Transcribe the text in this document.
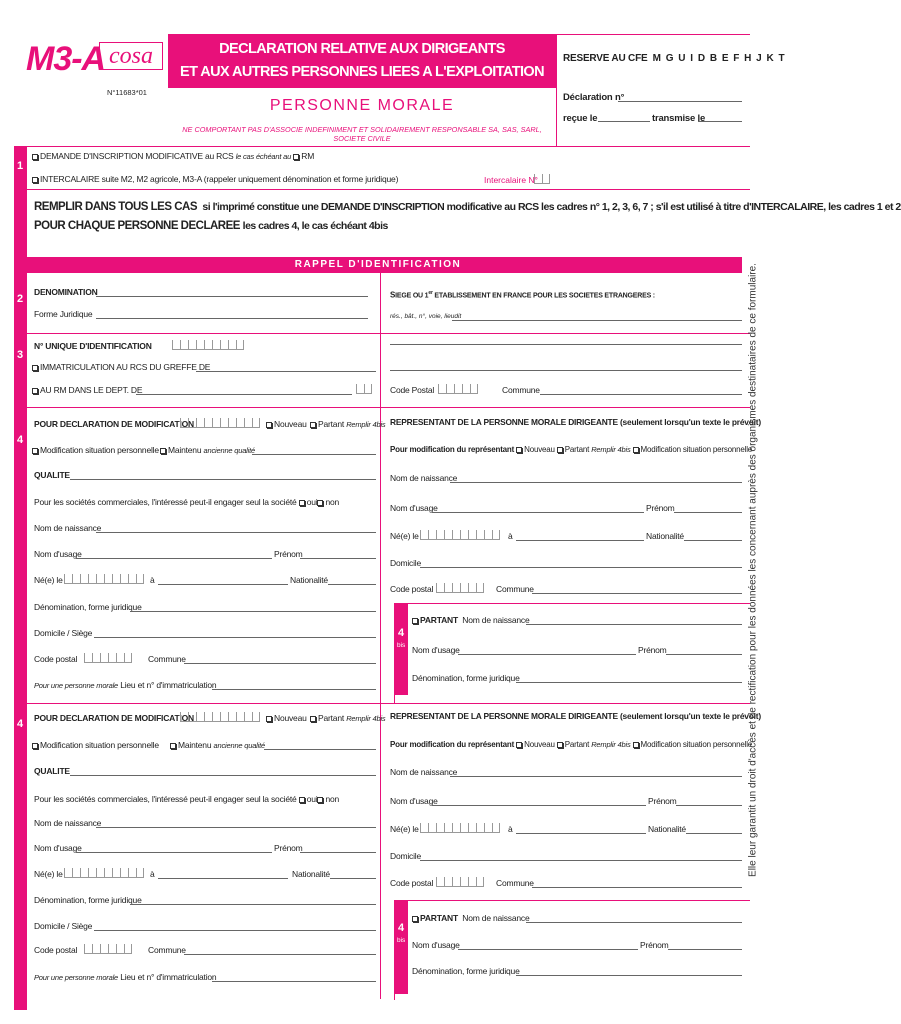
M3-A cosa
N°11683*01
DECLARATION RELATIVE AUX DIRIGEANTS
ET AUX AUTRES PERSONNES LIEES A L'EXPLOITATION
PERSONNE MORALE
NE COMPORTANT PAS D'ASSOCIE INDEFINIMENT ET SOLIDAIREMENT RESPONSABLE SA, SAS, SARL, SOCIETE CIVILE
RESERVE AU CFE M G U I D B E F H J K T
Déclaration n°
reçue le	transmise le
1
DEMANDE D'INSCRIPTION MODIFICATIVE au RCS le cas échéant au RM
INTERCALAIRE suite M2, M2 agricole, M3-A (rappeler uniquement dénomination et forme juridique)	Intercalaire N°
REMPLIR DANS TOUS LES CAS si l'imprimé constitue une DEMANDE D'INSCRIPTION modificative au RCS les cadres n° 1, 2, 3, 6, 7 ; s'il est utilisé à titre d'INTERCALAIRE, les cadres 1 et 2
POUR CHAQUE PERSONNE DECLAREE les cadres 4, le cas échéant 4bis
RAPPEL D'IDENTIFICATION
2
DENOMINATION
Forme Juridique
SIEGE OU 1er ETABLISSEMENT EN FRANCE POUR LES SOCIETES ETRANGERES :
rés., bât., n°, voie, lieudit
3
N° UNIQUE D'IDENTIFICATION
IMMATRICULATION AU RCS DU GREFFE DE
AU RM DANS LE DEPT. DE	Code Postal	Commune
4
POUR DECLARATION DE MODIFICATION	Nouveau	Partant Remplir 4bis
Modification situation personnelle	Maintenu ancienne qualité
QUALITE
Pour les sociétés commerciales, l'intéressé peut-il engager seul la société oui non
Nom de naissance
Nom d'usage	Prénom
Né(e) le	à	Nationalité
Dénomination, forme juridique
Domicile / Siège
Code postal	Commune
Pour une personne morale Lieu et n° d'immatriculation
REPRESENTANT DE LA PERSONNE MORALE DIRIGEANTE (seulement lorsqu'un texte le prévoit)
Pour modification du représentant Nouveau Partant Remplir 4bis Modification situation personnelle
Nom de naissance
Nom d'usage	Prénom
Né(e) le	à	Nationalité
Domicile
Code postal	Commune
4
bis
PARTANT Nom de naissance
Nom d'usage	Prénom
Dénomination, forme juridique
4	POUR DECLARATION DE MODIFICATION	Nouveau	Partant Remplir 4bis
Modification situation personnelle	Maintenu ancienne qualité
QUALITE
Pour les sociétés commerciales, l'intéressé peut-il engager seul la société oui non
Nom de naissance
Nom d'usage	Prénom
Né(e) le	à	Nationalité
Dénomination, forme juridique
Domicile / Siège
Code postal	Commune
Pour une personne morale Lieu et n° d'immatriculation
REPRESENTANT DE LA PERSONNE MORALE DIRIGEANTE (seulement lorsqu'un texte le prévoit)
Pour modification du représentant Nouveau Partant Remplir 4bis Modification situation personnelle
Nom de naissance
Nom d'usage	Prénom
Né(e) le	à	Nationalité
Domicile
Code postal	Commune
4
bis
PARTANT Nom de naissance
Nom d'usage	Prénom
Dénomination, forme juridique
Elle leur garantit un droit d'accès et de rectification pour les données les concernant auprès des organismes destinataires de ce formulaire.
